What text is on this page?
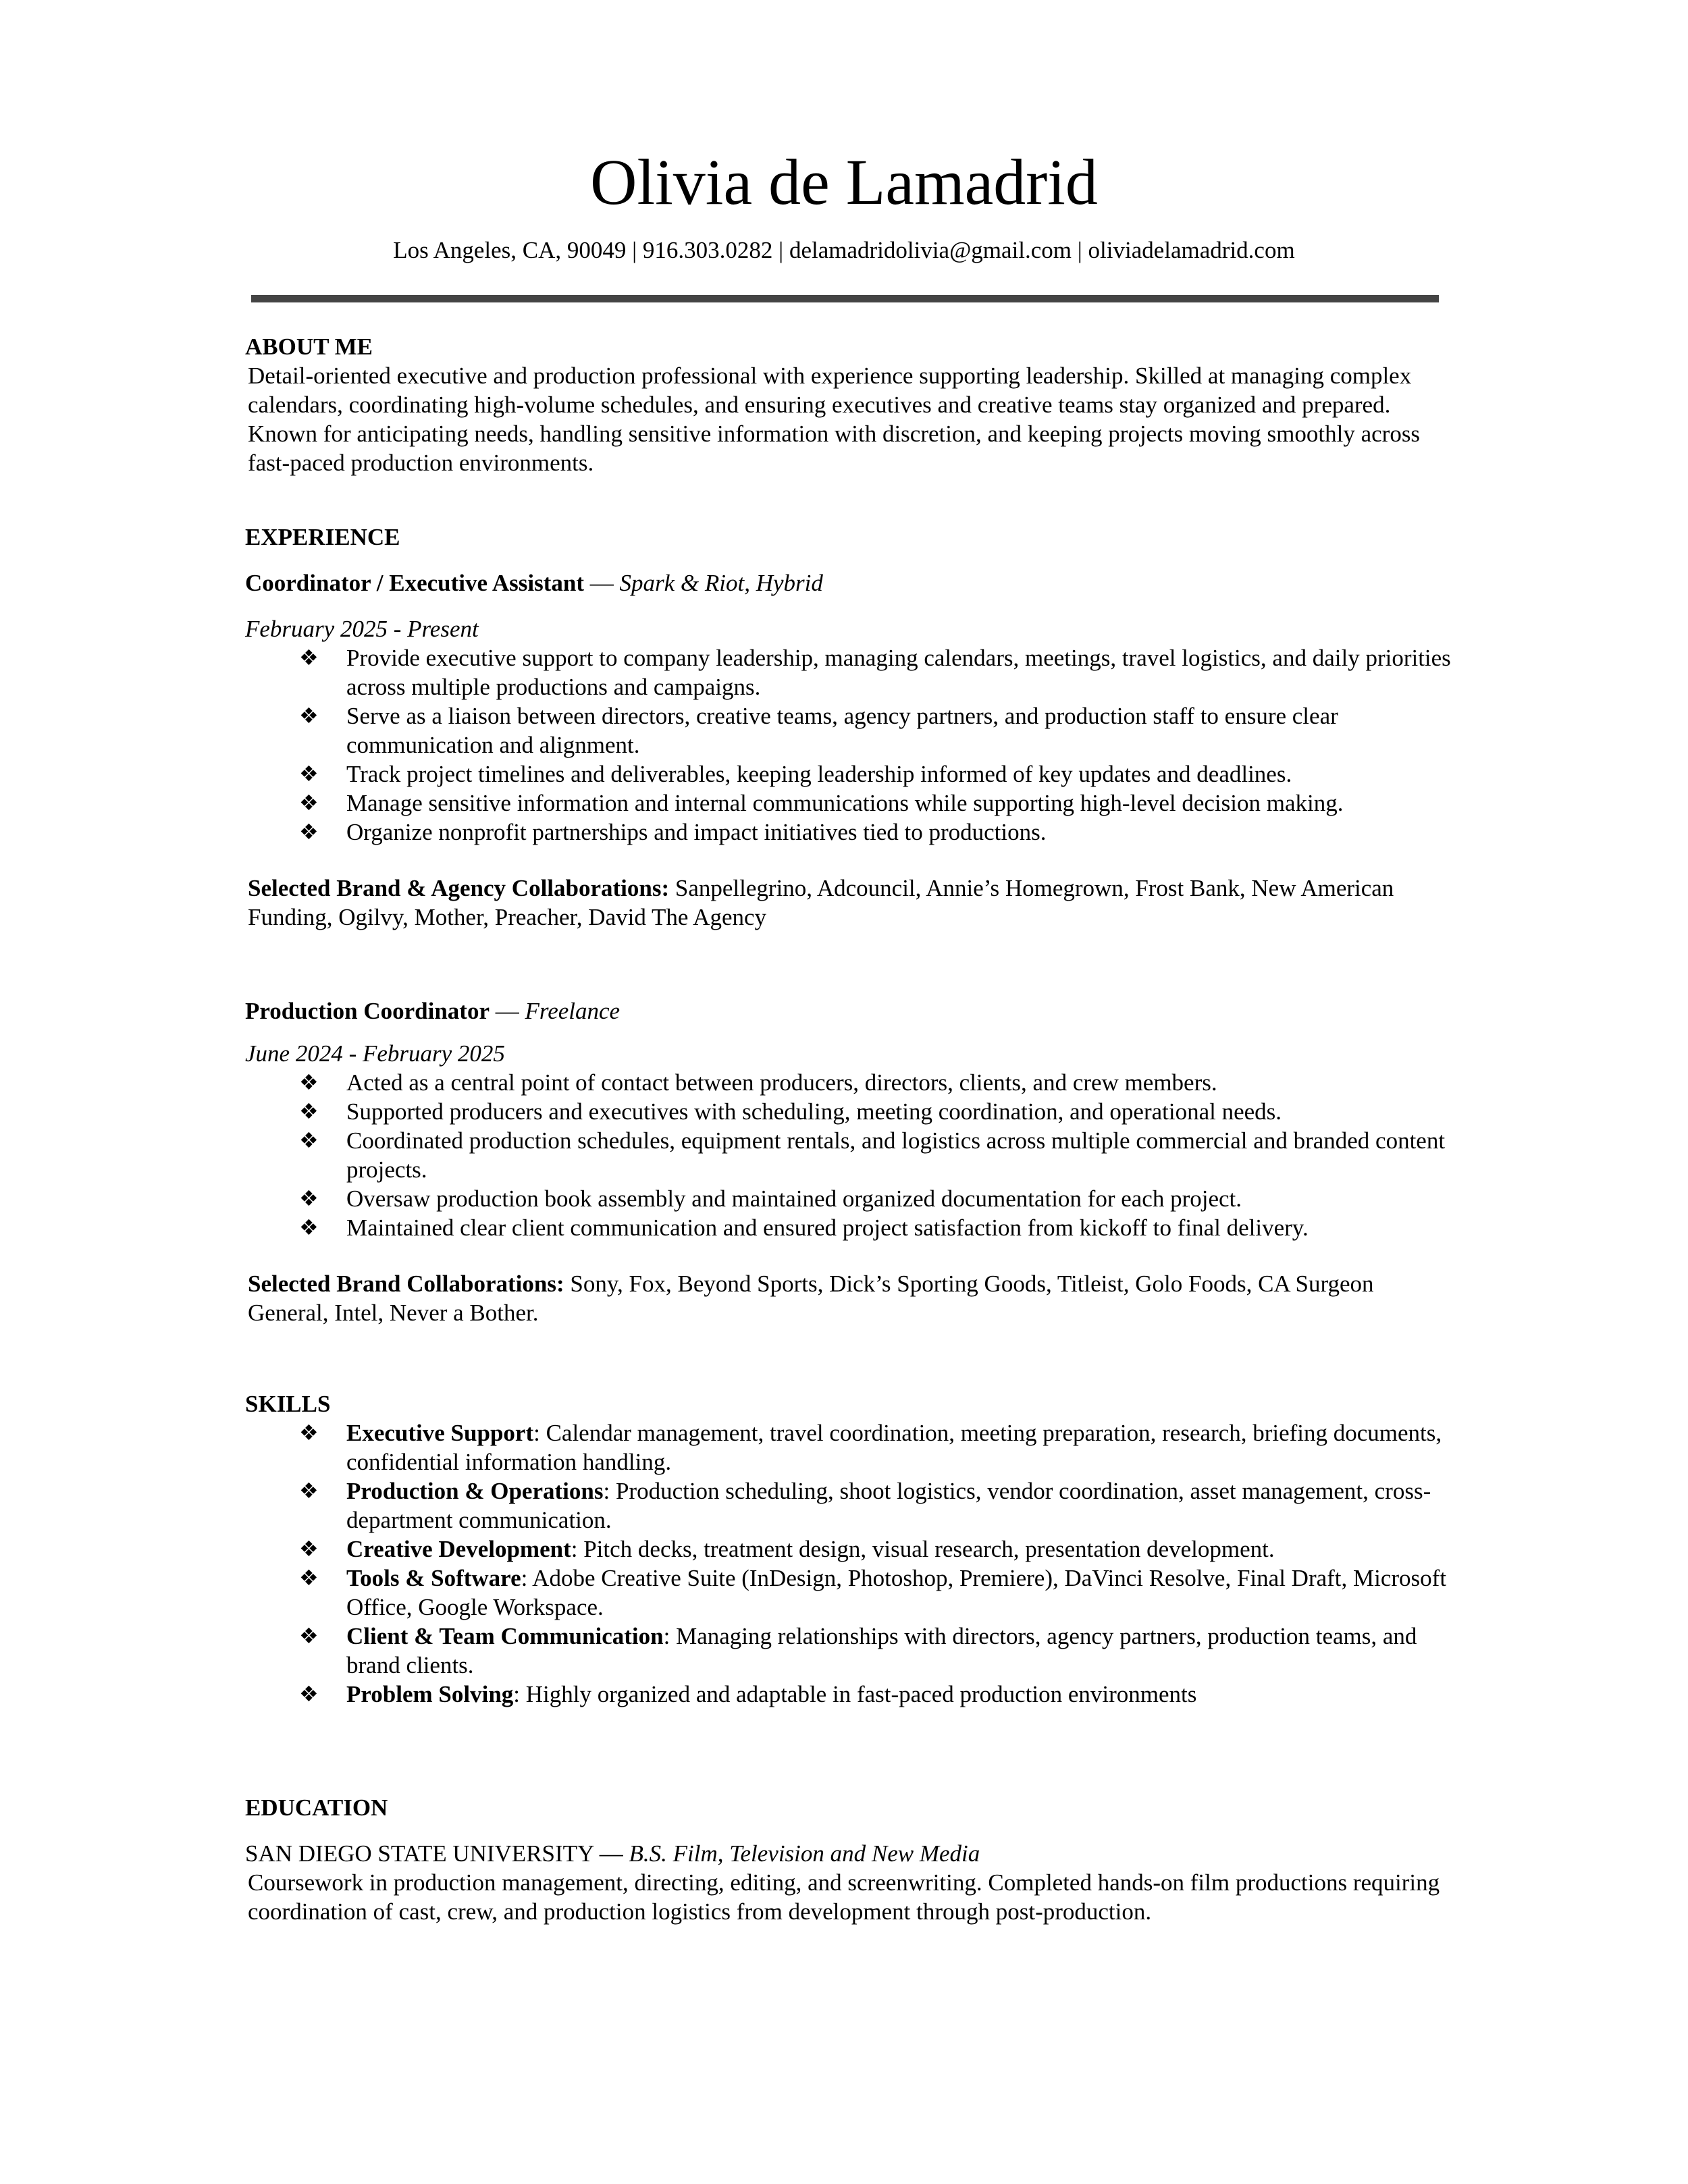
Olivia de Lamadrid
Los Angeles, CA, 90049 | 916.303.0282 | delamadridolivia@gmail.com | oliviadelamadrid.com
ABOUT ME
Detail-oriented executive and production professional with experience supporting leadership. Skilled at managing complex calendars, coordinating high-volume schedules, and ensuring executives and creative teams stay organized and prepared. Known for anticipating needs, handling sensitive information with discretion, and keeping projects moving smoothly across fast-paced production environments.
EXPERIENCE
Coordinator / Executive Assistant — Spark & Riot, Hybrid
February 2025 - Present
❖ Provide executive support to company leadership, managing calendars, meetings, travel logistics, and daily priorities across multiple productions and campaigns.
❖ Serve as a liaison between directors, creative teams, agency partners, and production staff to ensure clear communication and alignment.
❖ Track project timelines and deliverables, keeping leadership informed of key updates and deadlines.
❖ Manage sensitive information and internal communications while supporting high-level decision making.
❖ Organize nonprofit partnerships and impact initiatives tied to productions.
Selected Brand & Agency Collaborations: Sanpellegrino, Adcouncil, Annie’s Homegrown, Frost Bank, New American Funding, Ogilvy, Mother, Preacher, David The Agency
Production Coordinator — Freelance
June 2024 - February 2025
❖ Acted as a central point of contact between producers, directors, clients, and crew members.
❖ Supported producers and executives with scheduling, meeting coordination, and operational needs.
❖ Coordinated production schedules, equipment rentals, and logistics across multiple commercial and branded content projects.
❖ Oversaw production book assembly and maintained organized documentation for each project.
❖ Maintained clear client communication and ensured project satisfaction from kickoff to final delivery.
Selected Brand Collaborations: Sony, Fox, Beyond Sports, Dick’s Sporting Goods, Titleist, Golo Foods, CA Surgeon General, Intel, Never a Bother.
SKILLS
❖ Executive Support: Calendar management, travel coordination, meeting preparation, research, briefing documents, confidential information handling.
❖ Production & Operations: Production scheduling, shoot logistics, vendor coordination, asset management, cross-department communication.
❖ Creative Development: Pitch decks, treatment design, visual research, presentation development.
❖ Tools & Software: Adobe Creative Suite (InDesign, Photoshop, Premiere), DaVinci Resolve, Final Draft, Microsoft Office, Google Workspace.
❖ Client & Team Communication: Managing relationships with directors, agency partners, production teams, and brand clients.
❖ Problem Solving: Highly organized and adaptable in fast-paced production environments
EDUCATION
SAN DIEGO STATE UNIVERSITY — B.S. Film, Television and New Media
Coursework in production management, directing, editing, and screenwriting. Completed hands-on film productions requiring coordination of cast, crew, and production logistics from development through post-production.
